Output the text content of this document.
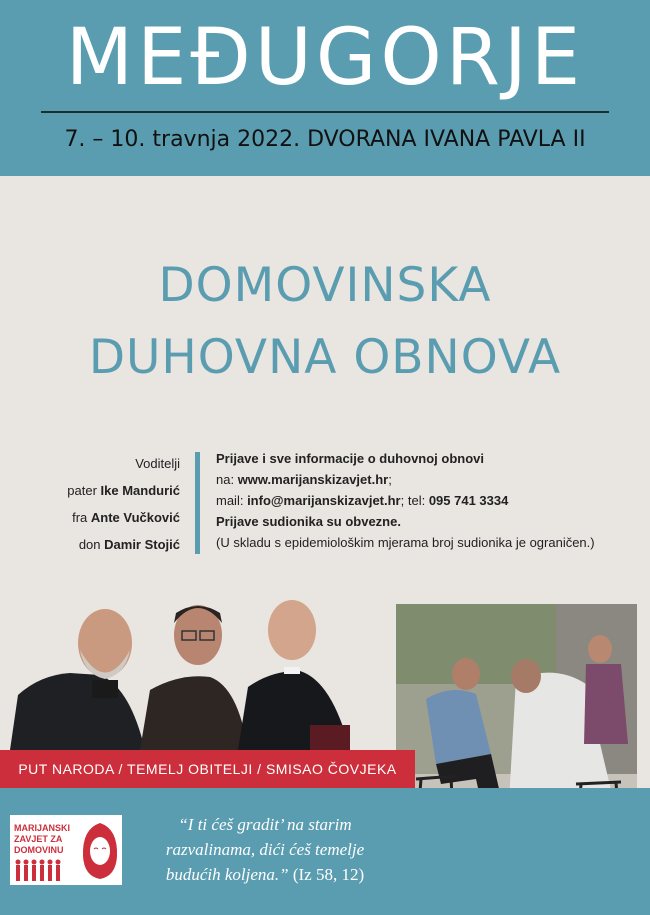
MEĐUGORJE
7. – 10. travnja 2022. DVORANA IVANA PAVLA II
DOMOVINSKA
DUHOVNA OBNOVA
Voditelji
pater Ike Mandurić
fra Ante Vučković
don Damir Stojić
Prijave i sve informacije o duhovnoj obnovi
na: www.marijanskizavjet.hr;
mail: info@marijanskizavjet.hr; tel: 095 741 3334
Prijave sudionika su obvezne.
(U skladu s epidemiološkim mjerama broj sudionika je ograničen.)
PUT NARODA / TEMELJ OBITELJI / SMISAO ČOVJEKA
MARIJANSKI
ZAVJET ZA
DOMOVINU
“I ti ćeš gradit’ na starim
razvalinama, dići ćeš temelje
budućih koljena.” (Iz 58, 12)
